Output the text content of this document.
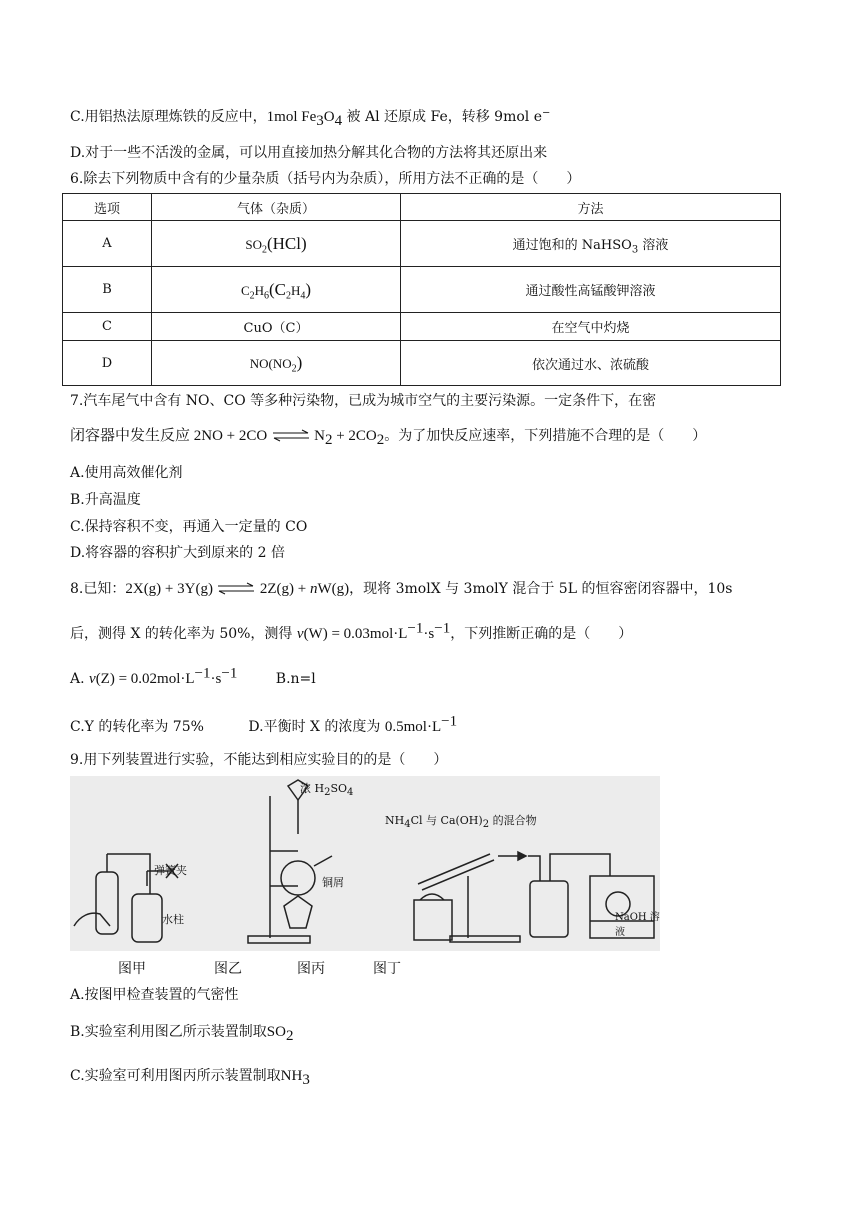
C.用铝热法原理炼铁的反应中，1mol $Fe_3O_4$ 被 Al 还原成 Fe，转移 9mol e−
D.对于一些不活泼的金属，可以用直接加热分解其化合物的方法将其还原出来
6.除去下列物质中含有的少量杂质（括号内为杂质），所用方法不正确的是（　　）
选项	气体（杂质）	方法
A	$SO_2(HCl)$	通过饱和的 NaHSO$_3$ 溶液
B	$C_2H_6(C_2H_4)$	通过酸性高锰酸钾溶液
C	CuO（C）	在空气中灼烧
D	$NO(NO_2)$	依次通过水、浓硫酸
7.汽车尾气中含有 NO、CO 等多种污染物，已成为城市空气的主要污染源。一定条件下，在密
闭容器中发生反应 2NO + 2CO ⇌ $N_2 + 2CO_2$。为了加快反应速率，下列措施不合理的是（　　）
A.使用高效催化剂
B.升高温度
C.保持容积不变，再通入一定量的 CO
D.将容器的容积扩大到原来的 2 倍
8.已知：2X(g) + 3Y(g) ⇌ 2Z(g) + nW(g)，现将 3molX 与 3molY 混合于 5L 的恒容密闭容器中，10s
后，测得 X 的转化率为 50%，测得 $v(W) = 0.03mol\cdot L^{-1}\cdot s^{-1}$，下列推断正确的是（　　）
A. $v(Z) = 0.02mol\cdot L^{-1}\cdot s^{-1}$	B.n=l
C.Y 的转化率为 75%	D.平衡时 X 的浓度为 $0.5mol\cdot L^{-1}$
9.用下列装置进行实验，不能达到相应实验目的的是（　　）
浓 $H_2SO_4$
$NH_4Cl$ 与 $Ca(OH)_2$ 的混合物
弹簧夹
铜屑
水柱	NaOH 溶液
图甲	图乙	图丙	图丁
A.按图甲检查装置的气密性
B.实验室利用图乙所示装置制取$SO_2$
C.实验室可利用图丙所示装置制取$NH_3$
